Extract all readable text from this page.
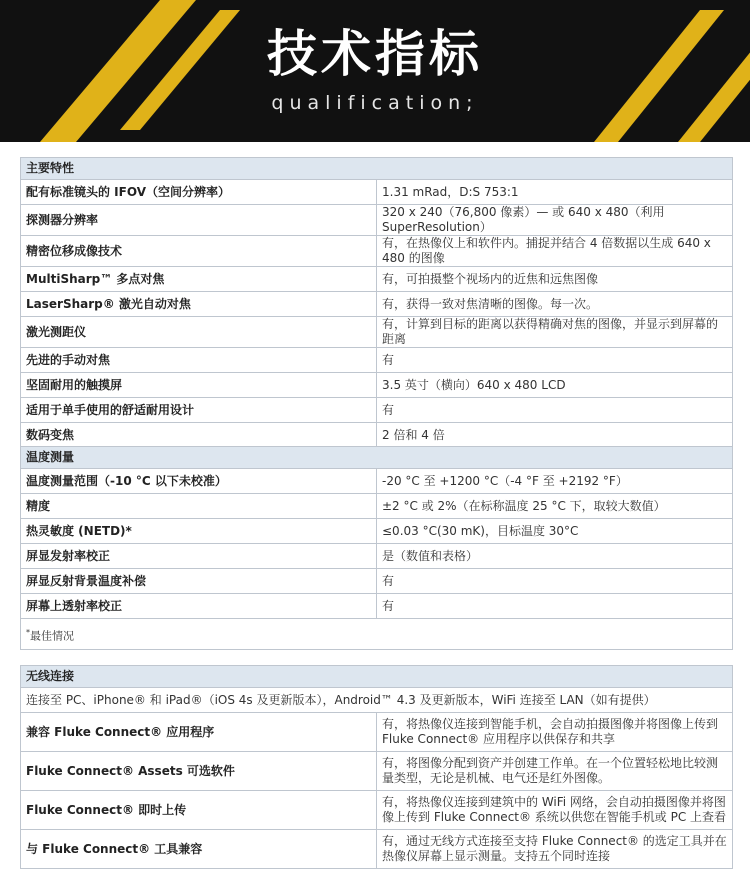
技术指标
qualification;
主要特性	
配有标准镜头的 IFOV（空间分辨率）	1.31 mRad，D:S 753:1
探测器分辨率	320 x 240（76,800 像素）— 或 640 x 480（利用 SuperResolution）
精密位移成像技术	有，在热像仪上和软件内。捕捉并结合 4 倍数据以生成 640 x 480 的图像
MultiSharp™ 多点对焦	有，可拍摄整个视场内的近焦和远焦图像
LaserSharp® 激光自动对焦	有，获得一致对焦清晰的图像。每一次。
激光测距仪	有，计算到目标的距离以获得精确对焦的图像，并显示到屏幕的距离
先进的手动对焦	有
坚固耐用的触摸屏	3.5 英寸（横向）640 x 480 LCD
适用于单手使用的舒适耐用设计	有
数码变焦	2 倍和 4 倍
温度测量	
温度测量范围（-10 °C 以下未校准）	-20 °C 至 +1200 °C（-4 °F 至 +2192 °F）
精度	±2 °C 或 2%（在标称温度 25 °C 下，取较大数值）
热灵敏度 (NETD)*	≤0.03 °C(30 mK)，目标温度 30°C
屏显发射率校正	是（数值和表格）
屏显反射背景温度补偿	有
屏幕上透射率校正	有
*最佳情况	
无线连接	
连接至 PC、iPhone® 和 iPad®（iOS 4s 及更新版本），Android™ 4.3 及更新版本，WiFi 连接至 LAN（如有提供）	
兼容 Fluke Connect® 应用程序	有，将热像仪连接到智能手机，会自动拍摄图像并将图像上传到 Fluke Connect® 应用程序以供保存和共享
Fluke Connect® Assets 可选软件	有，将图像分配到资产并创建工作单。在一个位置轻松地比较测量类型，无论是机械、电气还是红外图像。
Fluke Connect® 即时上传	有，将热像仪连接到建筑中的 WiFi 网络，会自动拍摄图像并将图像上传到 Fluke Connect® 系统以供您在智能手机或 PC 上查看
与 Fluke Connect® 工具兼容	有，通过无线方式连接至支持 Fluke Connect® 的选定工具并在热像仪屏幕上显示测量。支持五个同时连接
